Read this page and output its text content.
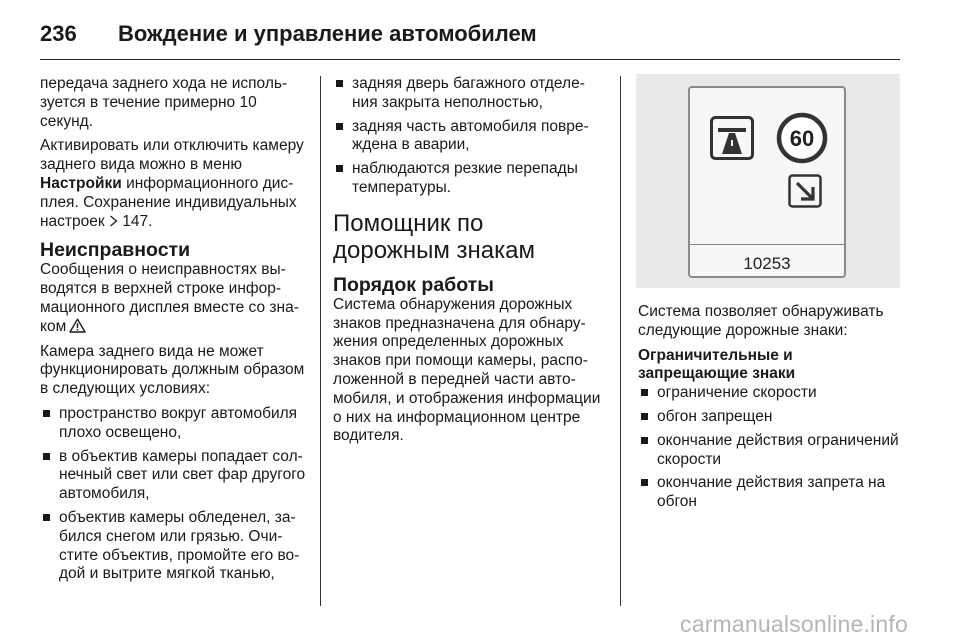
236	Вождение и управление автомобилем

передача заднего хода не используется в течение примерно 10 секунд.

Активировать или отключить камеру заднего вида можно в меню Настройки информационного дисплея. Сохранение индивидуальных настроек  147.

Неисправности

Сообщения о неисправностях выводятся в верхней строке информационного дисплея вместе со знаком

Камера заднего вида не может функционировать должным образом в следующих условиях:

пространство вокруг автомобиля плохо освещено,
в объектив камеры попадает солнечный свет или свет фар другого автомобиля,
объектив камеры обледенел, забился снегом или грязью. Очистите объектив, промойте его водой и вытрите мягкой тканью,
задняя дверь багажного отделения закрыта неполностью,
задняя часть автомобиля повреждена в аварии,
наблюдаются резкие перепады температуры.
Помощник по дорожным знакам
Порядок работы

Система обнаружения дорожных знаков предназначена для обнаружения определенных дорожных знаков при помощи камеры, расположенной в передней части автомобиля, и отображения информации о них на информационном центре водителя.

60
10253

Система позволяет обнаруживать следующие дорожные знаки:

Ограничительные и запрещающие знаки
ограничение скорости
обгон запрещен
окончание действия ограничений скорости
окончание действия запрета на обгон
carmanualsonline.info
